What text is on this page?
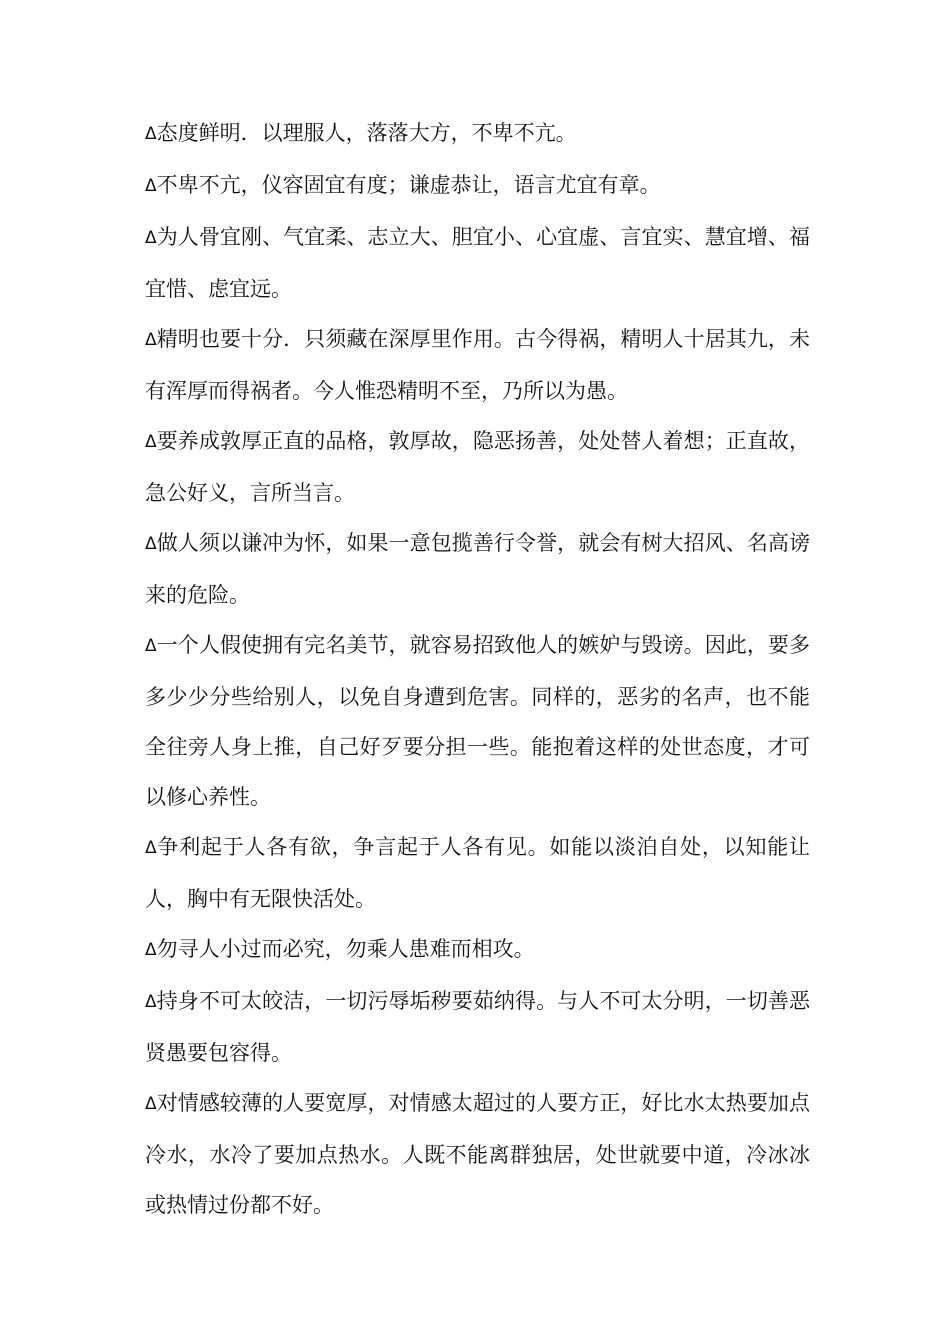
Δ态度鲜明．以理服人，落落大方，不卑不亢。

Δ不卑不亢，仪容固宜有度；谦虚恭让，语言尤宜有章。

Δ为人骨宜刚、气宜柔、志立大、胆宜小、心宜虚、言宜实、慧宜增、福宜惜、虑宜远。

Δ精明也要十分．只须藏在深厚里作用。古今得祸，精明人十居其九，未有浑厚而得祸者。今人惟恐精明不至，乃所以为愚。

Δ要养成敦厚正直的品格，敦厚故，隐恶扬善，处处替人着想；正直故，急公好义，言所当言。

Δ做人须以谦冲为怀，如果一意包揽善行令誉，就会有树大招风、名高谤来的危险。

Δ一个人假使拥有完名美节，就容易招致他人的嫉妒与毁谤。因此，要多多少少分些给别人，以免自身遭到危害。同样的，恶劣的名声，也不能全往旁人身上推，自己好歹要分担一些。能抱着这样的处世态度，才可以修心养性。

Δ争利起于人各有欲，争言起于人各有见。如能以淡泊自处，以知能让人，胸中有无限快活处。

Δ勿寻人小过而必究，勿乘人患难而相攻。

Δ持身不可太皎洁，一切污辱垢秽要茹纳得。与人不可太分明，一切善恶贤愚要包容得。

Δ对情感较薄的人要宽厚，对情感太超过的人要方正，好比水太热要加点冷水，水冷了要加点热水。人既不能离群独居，处世就要中道，冷冰冰或热情过份都不好。
